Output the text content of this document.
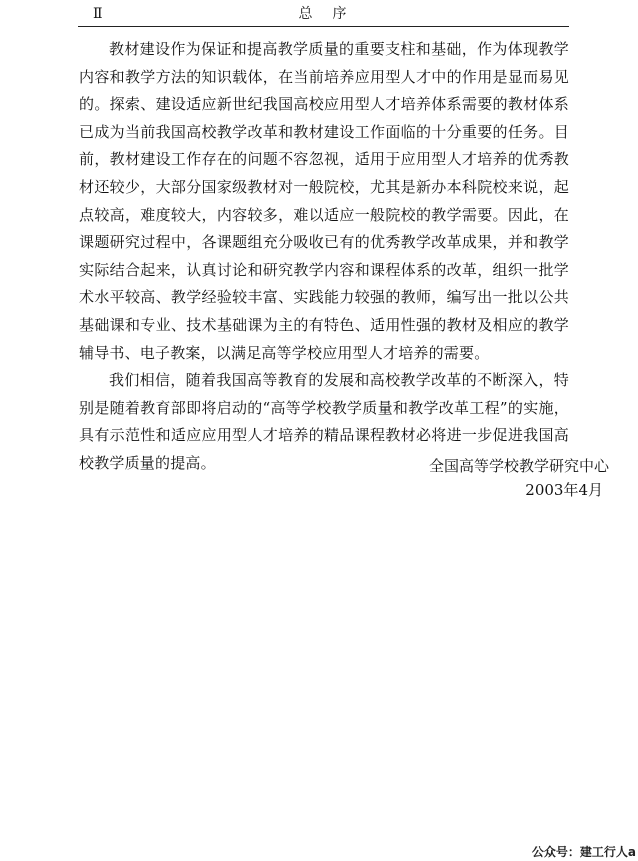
Ⅱ	总序

教材建设作为保证和提高教学质量的重要支柱和基础，作为体现教学内容和教学方法的知识载体，在当前培养应用型人才中的作用是显而易见的。探索、建设适应新世纪我国高校应用型人才培养体系需要的教材体系已成为当前我国高校教学改革和教材建设工作面临的十分重要的任务。目前，教材建设工作存在的问题不容忽视，适用于应用型人才培养的优秀教材还较少，大部分国家级教材对一般院校，尤其是新办本科院校来说，起点较高，难度较大，内容较多，难以适应一般院校的教学需要。因此，在课题研究过程中，各课题组充分吸收已有的优秀教学改革成果，并和教学实际结合起来，认真讨论和研究教学内容和课程体系的改革，组织一批学术水平较高、教学经验较丰富、实践能力较强的教师，编写出一批以公共基础课和专业、技术基础课为主的有特色、适用性强的教材及相应的教学辅导书、电子教案，以满足高等学校应用型人才培养的需要。

我们相信，随着我国高等教育的发展和高校教学改革的不断深入，特别是随着教育部即将启动的“高等学校教学质量和教学改革工程”的实施，具有示范性和适应应用型人才培养的精品课程教材必将进一步促进我国高校教学质量的提高。	全国高等学校教学研究中心
2003年4月
公众号：建工行人a
